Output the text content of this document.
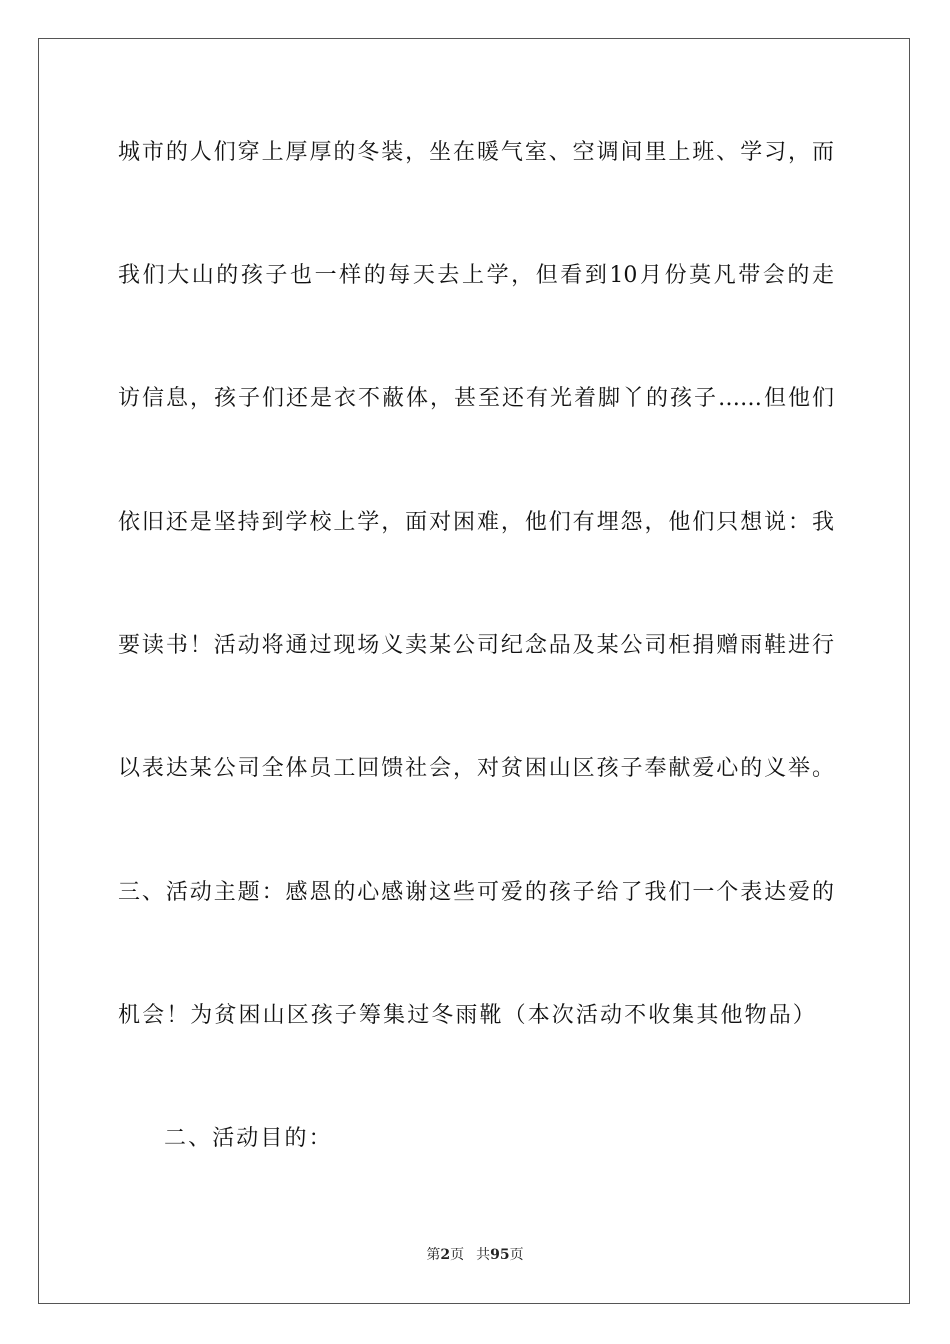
城市的人们穿上厚厚的冬装，坐在暖气室、空调间里上班、学习，而
我们大山的孩子也一样的每天去上学，但看到10月份莫凡带会的走
访信息，孩子们还是衣不蔽体，甚至还有光着脚丫的孩子……但他们
依旧还是坚持到学校上学，面对困难，他们有埋怨，他们只想说：我
要读书！活动将通过现场义卖某公司纪念品及某公司柜捐赠雨鞋进行
以表达某公司全体员工回馈社会，对贫困山区孩子奉献爱心的义举。
三、活动主题：感恩的心感谢这些可爱的孩子给了我们一个表达爱的
机会！为贫困山区孩子筹集过冬雨靴（本次活动不收集其他物品）
二、活动目的：
第2页 共95页
